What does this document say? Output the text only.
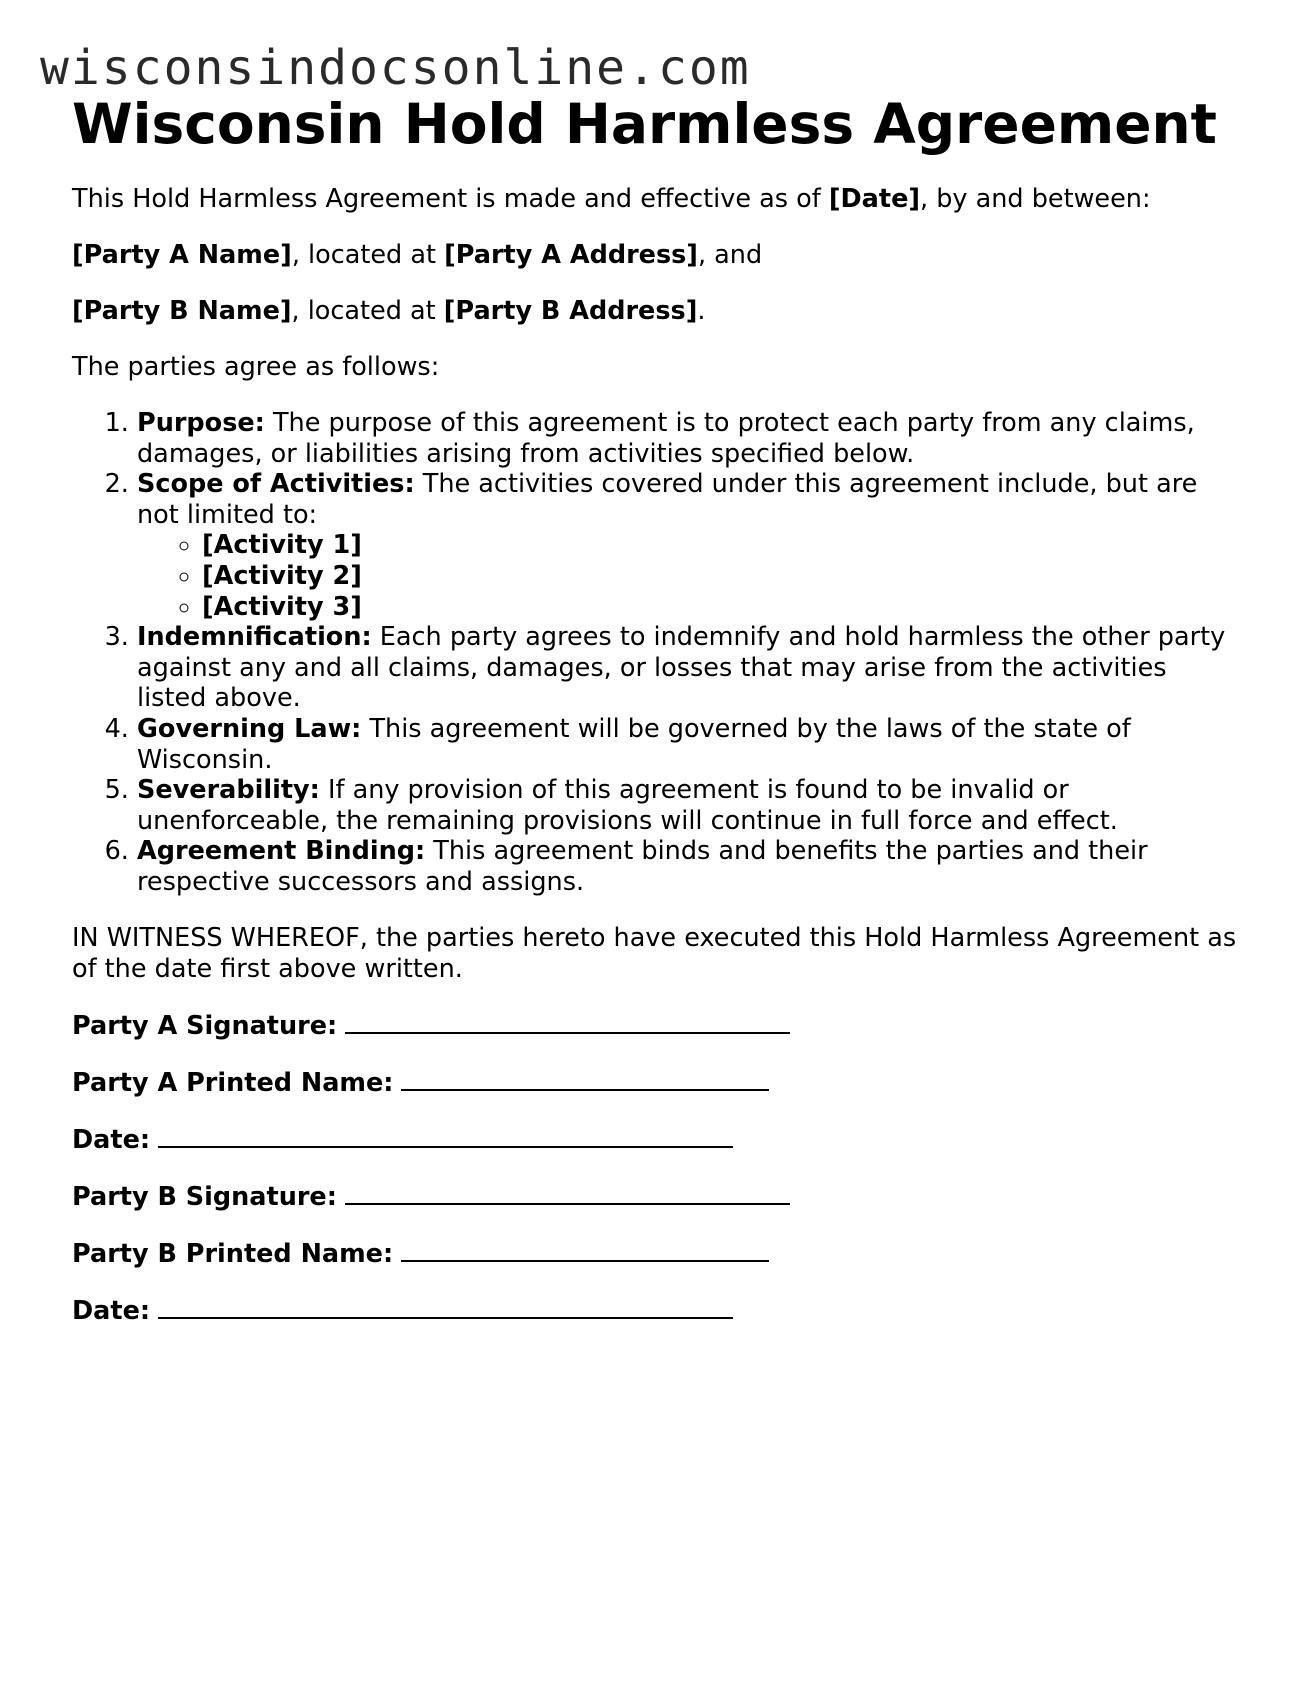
wisconsindocsonline.com
Wisconsin Hold Harmless Agreement

This Hold Harmless Agreement is made and effective as of [Date], by and between:

[Party A Name], located at [Party A Address], and

[Party B Name], located at [Party B Address].

The parties agree as follows:

1. Purpose: The purpose of this agreement is to protect each party from any claims, damages, or liabilities arising from activities specified below.
2. Scope of Activities: The activities covered under this agreement include, but are not limited to:
◦ [Activity 1]
◦ [Activity 2]
◦ [Activity 3]
3. Indemnification: Each party agrees to indemnify and hold harmless the other party against any and all claims, damages, or losses that may arise from the activities listed above.
4. Governing Law: This agreement will be governed by the laws of the state of Wisconsin.
5. Severability: If any provision of this agreement is found to be invalid or unenforceable, the remaining provisions will continue in full force and effect.
6. Agreement Binding: This agreement binds and benefits the parties and their respective successors and assigns.

IN WITNESS WHEREOF, the parties hereto have executed this Hold Harmless Agreement as of the date first above written.

Party A Signature:
Party A Printed Name:
Date:
Party B Signature:
Party B Printed Name:
Date:
